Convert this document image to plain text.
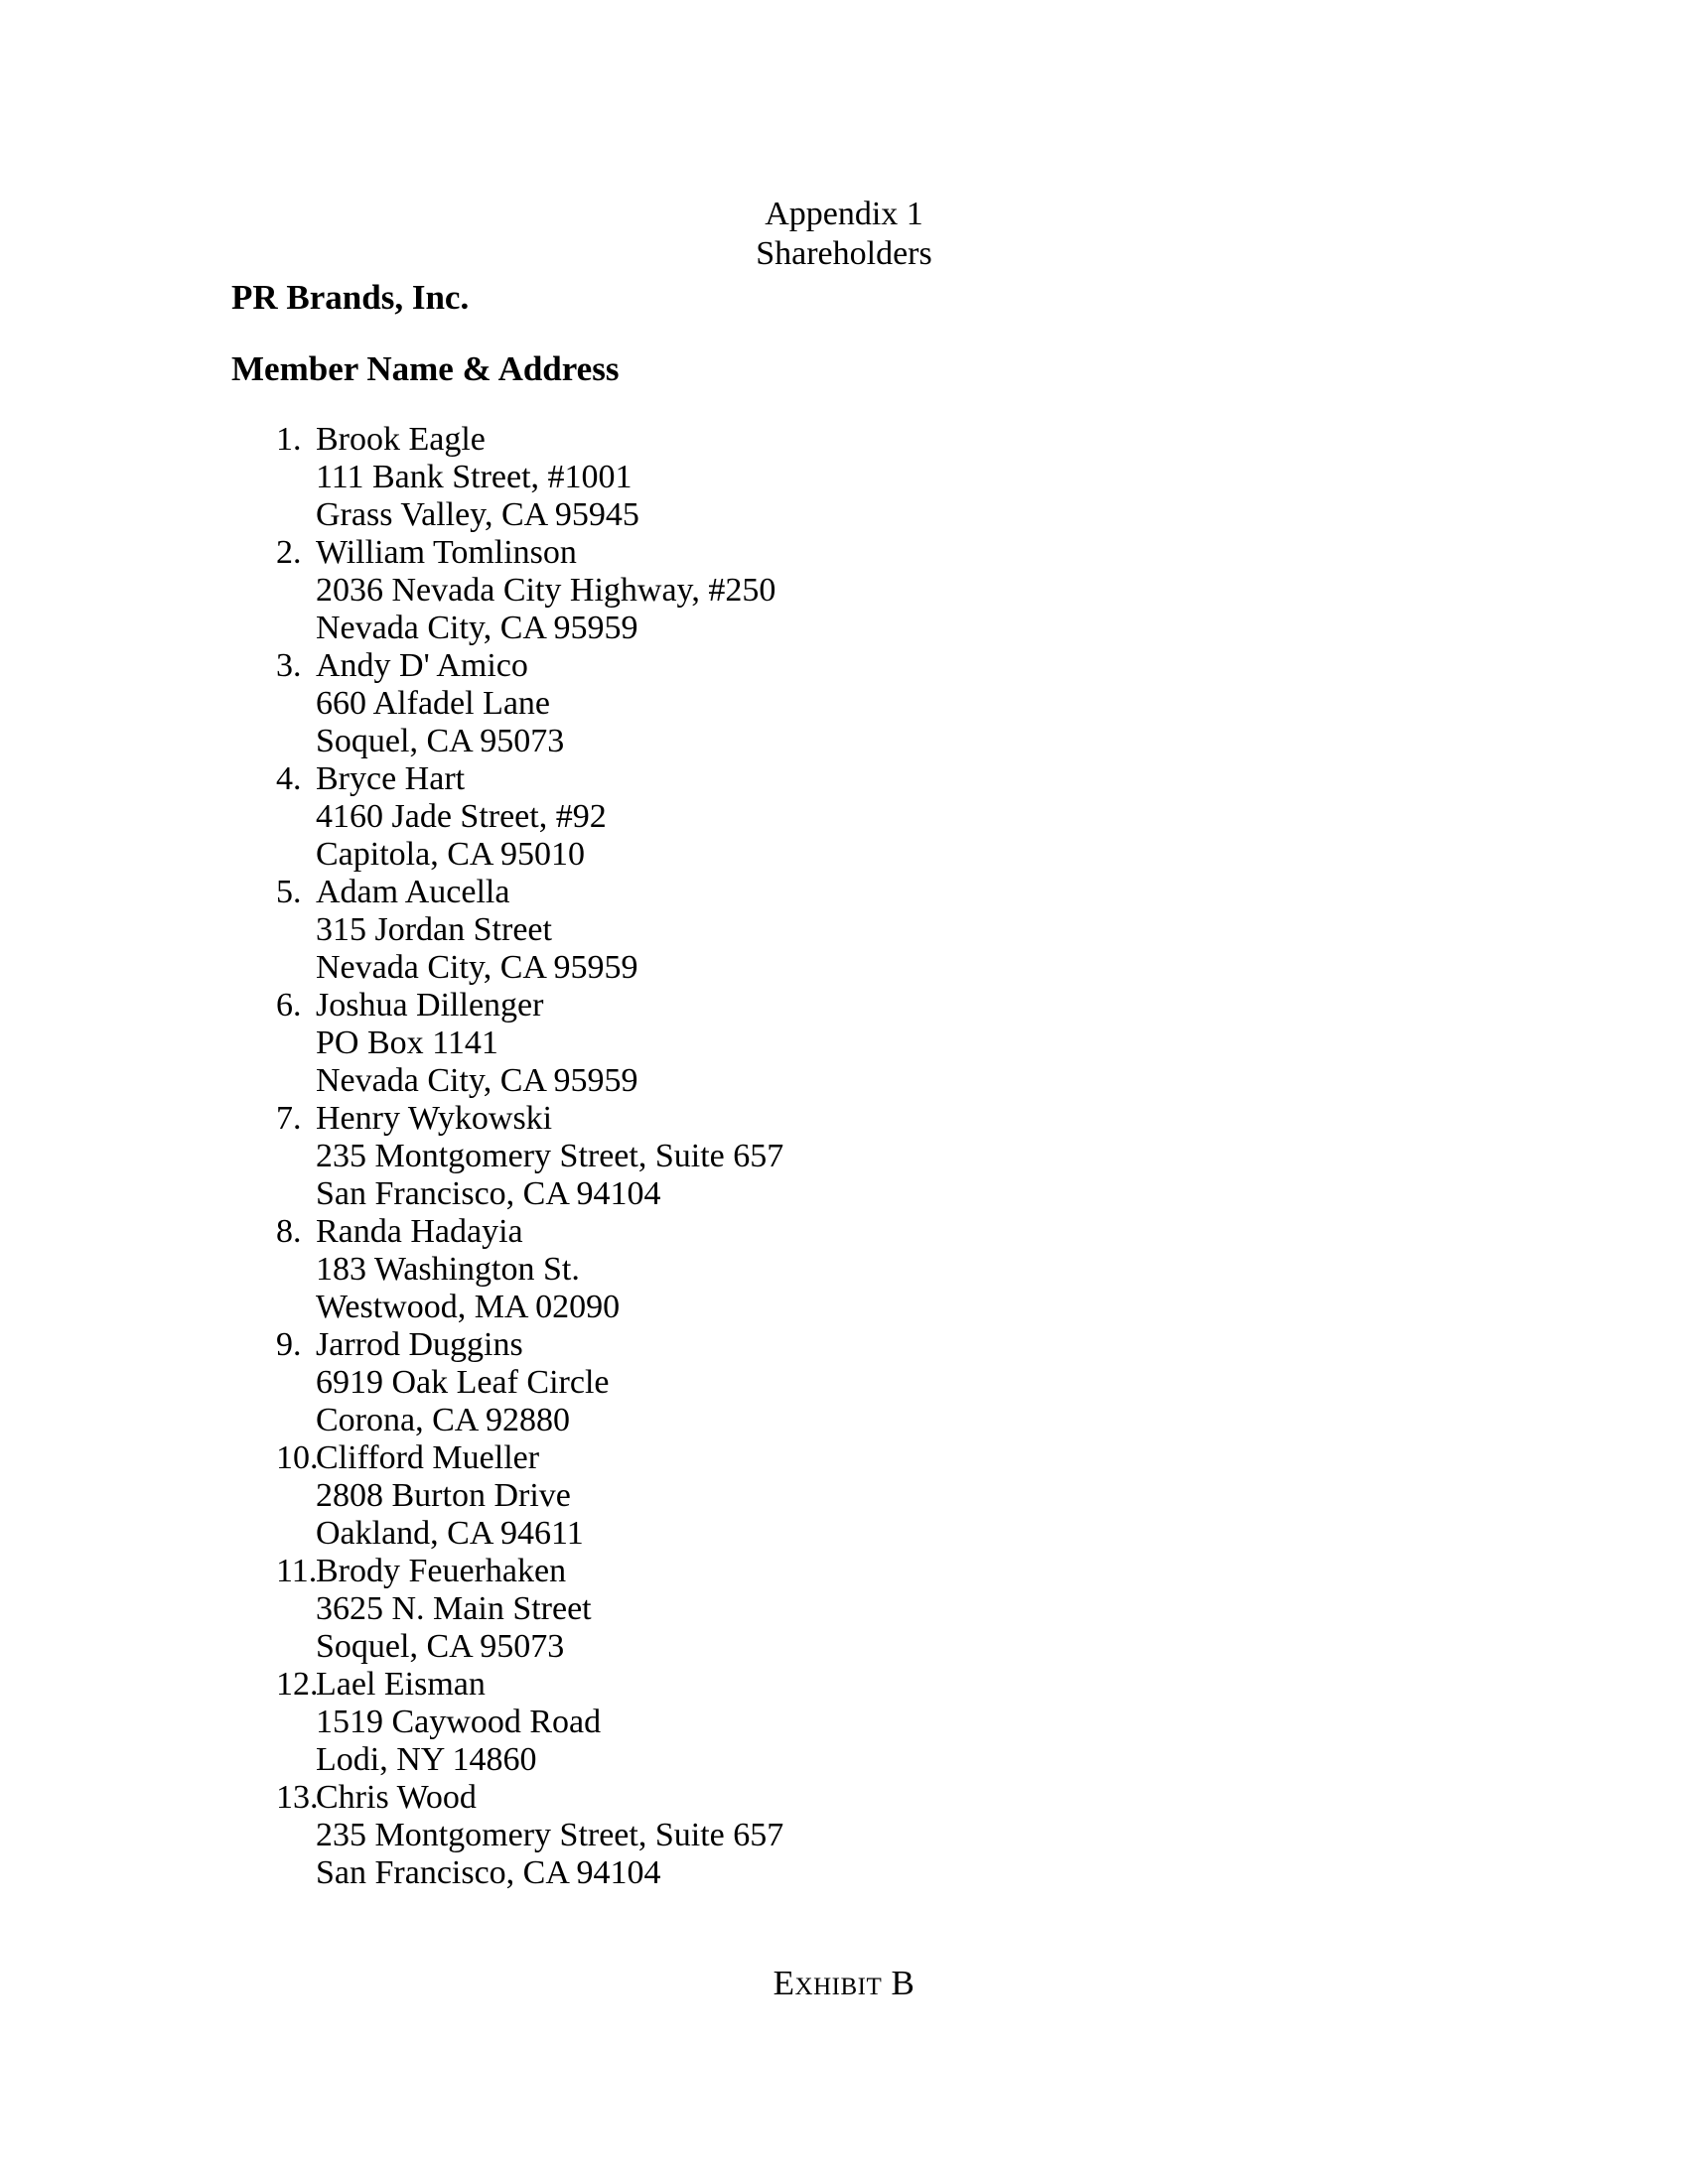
Appendix 1
Shareholders
PR Brands, Inc.
Member Name & Address
1. Brook Eagle
111 Bank Street, #1001
Grass Valley, CA 95945
2. William Tomlinson
2036 Nevada City Highway, #250
Nevada City, CA 95959
3. Andy D' Amico
660 Alfadel Lane
Soquel, CA 95073
4. Bryce Hart
4160 Jade Street, #92
Capitola, CA 95010
5. Adam Aucella
315 Jordan Street
Nevada City, CA 95959
6. Joshua Dillenger
PO Box 1141
Nevada City, CA 95959
7. Henry Wykowski
235 Montgomery Street, Suite 657
San Francisco, CA 94104
8. Randa Hadayia
183 Washington St.
Westwood, MA 02090
9. Jarrod Duggins
6919 Oak Leaf Circle
Corona, CA 92880
10.
Clifford Mueller
2808 Burton Drive
Oakland, CA 94611
11.
Brody Feuerhaken
3625 N. Main Street
Soquel, CA 95073
12.
Lael Eisman
1519 Caywood Road
Lodi, NY 14860
13.
Chris Wood
235 Montgomery Street, Suite 657
San Francisco, CA 94104
Exhibit B
